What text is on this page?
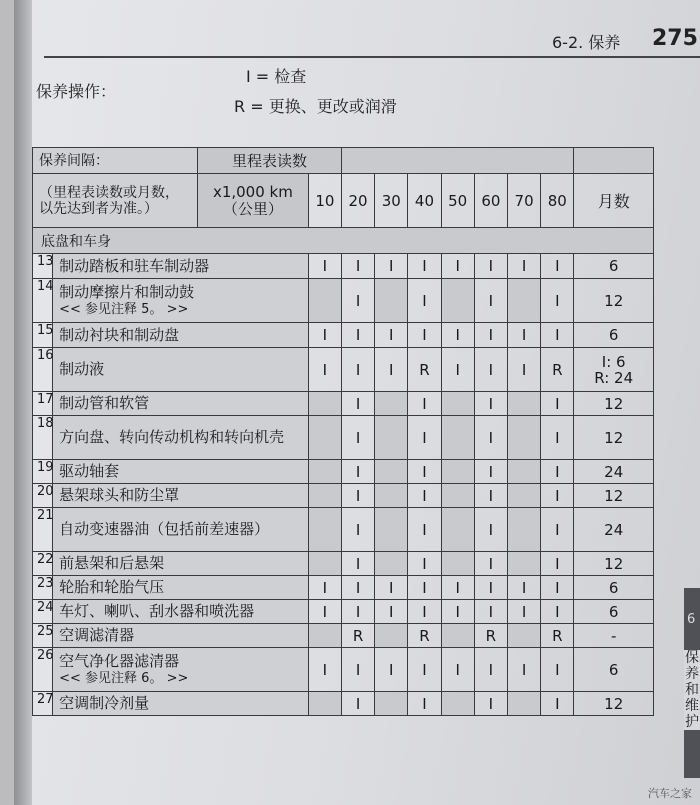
6-2. 保养 275
保养操作：
I = 检查
R = 更换、更改或润滑
保养间隔：		里程表读数									
（里程表读数或月数，以先达到者为准。）		x1,000 km
（公里）	10	20	30	40	50	60	70	80	月数
底盘和车身											
13	制动踏板和驻车制动器		I	I	I	I	I	I	I	I	6
14	制动摩擦片和制动鼓
<< 参见注释 5。 >>			I		I		I		I	12
15	制动衬块和制动盘		I	I	I	I	I	I	I	I	6
16	制动液		I	I	I	R	I	I	I	R	I: 6
R: 24
17	制动管和软管			I		I		I		I	12
18	方向盘、转向传动机构和转向机壳			I		I		I		I	12
19	驱动轴套			I		I		I		I	24
20	悬架球头和防尘罩			I		I		I		I	12
21	自动变速器油（包括前差速器）			I		I		I		I	24
22	前悬架和后悬架			I		I		I		I	12
23	轮胎和轮胎气压		I	I	I	I	I	I	I	I	6
24	车灯、喇叭、刮水器和喷洗器		I	I	I	I	I	I	I	I	6
25	空调滤清器			R		R		R		R	-
26	空气净化器滤清器
<< 参见注释 6。 >>		I	I	I	I	I	I	I	I	6
27	空调制冷剂量			I		I		I		I	12
6
保养和维护
汽车之家
